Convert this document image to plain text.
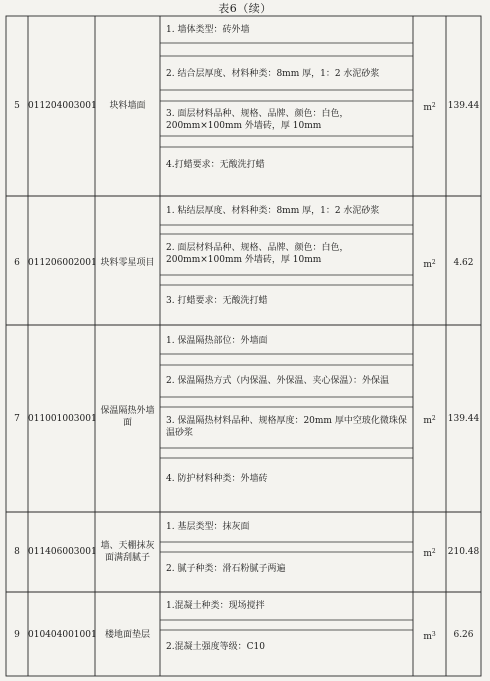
表6（续）
5 011204003001	块料墙面
1. 墙体类型：砖外墙
2. 结合层厚度、材料种类：8mm 厚，1：2 水泥砂浆
3. 面层材料品种、规格、品牌、颜色：白色，200mm×100mm 外墙砖，厚 10mm
4.打蜡要求：无酸洗打蜡
$m^2$	139.44
6 011206002001 块料零星项目
1. 粘结层厚度、材料种类：8mm 厚，1：2 水泥砂浆
2. 面层材料品种、规格、品牌、颜色：白色，200mm×100mm 外墙砖，厚 10mm
3. 打蜡要求：无酸洗打蜡
$m^2$	4.62
7 011001003001
保温隔热外墙面
1. 保温隔热部位：外墙面
2. 保温隔热方式（内保温、外保温、夹心保温）：外保温
3. 保温隔热材料品种、规格厚度：20mm 厚中空玻化微珠保温砂浆
4. 防护材料种类：外墙砖
$m^2$	139.44
8 011406003001
墙、天棚抹灰面满刮腻子
1. 基层类型：抹灰面
2. 腻子种类：滑石粉腻子两遍
$m^2$	210.48
9 010404001001 楼地面垫层
1.混凝土种类：现场搅拌
2.混凝土强度等级：C10
$m^3$	6.26
